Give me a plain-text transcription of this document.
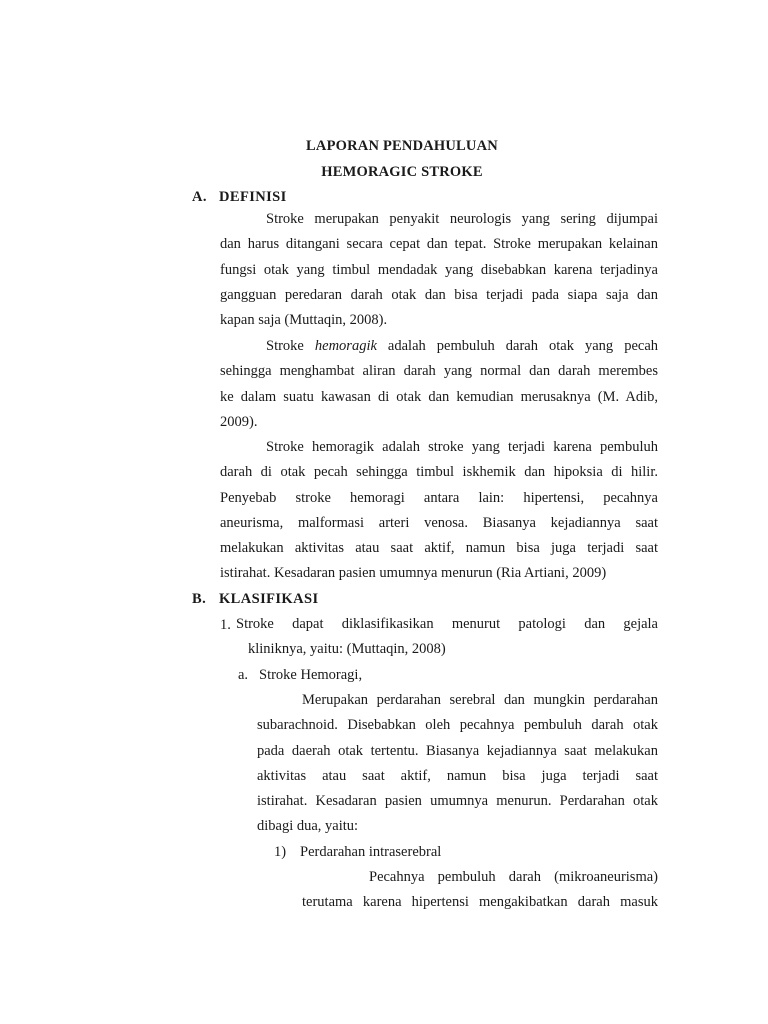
LAPORAN PENDAHULUAN
HEMORAGIC STROKE
A. DEFINISI
Stroke merupakan penyakit neurologis yang sering dijumpai
dan harus ditangani secara cepat dan tepat. Stroke merupakan kelainan
fungsi otak yang timbul mendadak yang disebabkan karena terjadinya
gangguan peredaran darah otak dan bisa terjadi pada siapa saja dan
kapan saja (Muttaqin, 2008).
Stroke hemoragik adalah pembuluh darah otak yang pecah
sehingga menghambat aliran darah yang normal dan darah merembes
ke dalam suatu kawasan di otak dan kemudian merusaknya (M. Adib,
2009).
Stroke hemoragik adalah stroke yang terjadi karena pembuluh
darah di otak pecah sehingga timbul iskhemik dan hipoksia di hilir.
Penyebab stroke hemoragi antara lain: hipertensi, pecahnya
aneurisma, malformasi arteri venosa. Biasanya kejadiannya saat
melakukan aktivitas atau saat aktif, namun bisa juga terjadi saat
istirahat. Kesadaran pasien umumnya menurun (Ria Artiani, 2009)
B. KLASIFIKASI
1. Stroke dapat diklasifikasikan menurut patologi dan gejala
kliniknya, yaitu: (Muttaqin, 2008)
a. Stroke Hemoragi,
Merupakan perdarahan serebral dan mungkin perdarahan
subarachnoid. Disebabkan oleh pecahnya pembuluh darah otak
pada daerah otak tertentu. Biasanya kejadiannya saat melakukan
aktivitas atau saat aktif, namun bisa juga terjadi saat
istirahat. Kesadaran pasien umumnya menurun. Perdarahan otak
dibagi dua, yaitu:
1) Perdarahan intraserebral
Pecahnya pembuluh darah (mikroaneurisma)
terutama karena hipertensi mengakibatkan darah masuk
